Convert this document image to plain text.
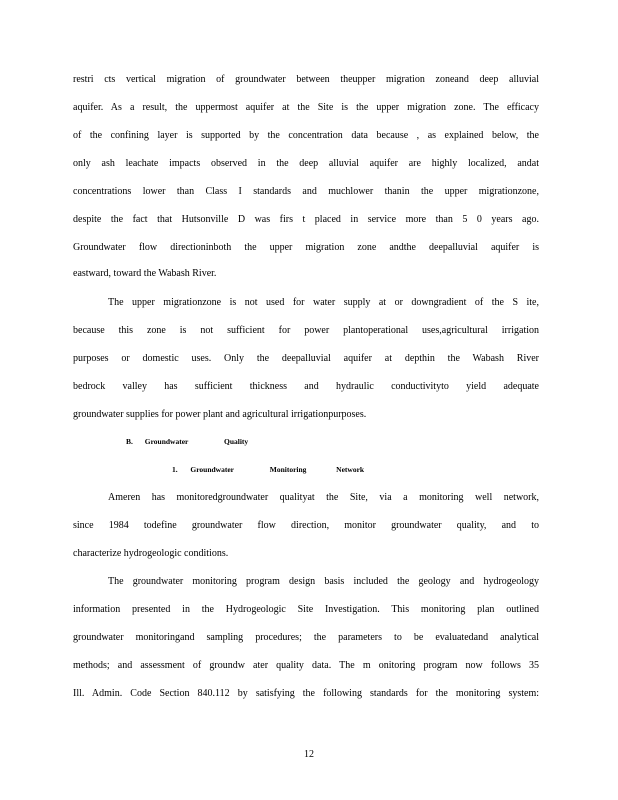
restri cts vertical migration of groundwater between theupper migration zoneand deep alluvial
aquifer. As a result, the uppermost aquifer at the Site is the upper migration zone. The efficacy
of the confining layer is supported by the concentration data because , as explained below, the
only ash leachate impacts observed in the deep alluvial aquifer are highly localized, andat
concentrations lower than Class I standards and muchlower thanin the upper migrationzone,
despite the fact that Hutsonville D was firs t placed in service more than 5 0 years ago.
Groundwater flow directioninboth the upper migration zone andthe deepalluvial aquifer is
eastward, toward the Wabash River.
The upper migrationzone is not used for water supply at or downgradient of the S ite,
because this zone is not sufficient for power plantoperational uses,agricultural irrigation
purposes or domestic uses. Only the deepalluvial aquifer at depthin the Wabash River
bedrock valley has sufficient thickness and hydraulic conductivityto yield adequate
groundwater supplies for power plant and agricultural irrigationpurposes.
B. Groundwater	Quality
1. Groundwater	Monitoring	Network
Ameren has monitoredgroundwater qualityat the Site, via a monitoring well network,
since 1984 todefine groundwater flow direction, monitor groundwater quality, and to
characterize hydrogeologic conditions.
The groundwater monitoring program design basis included the geology and hydrogeology
information presented in the Hydrogeologic Site Investigation. This monitoring plan outlined
groundwater monitoringand sampling procedures; the parameters to be evaluatedand analytical
methods; and assessment of groundw ater quality data. The m onitoring program now follows 35
Ill. Admin. Code Section 840.112 by satisfying the following standards for the monitoring system:
12
